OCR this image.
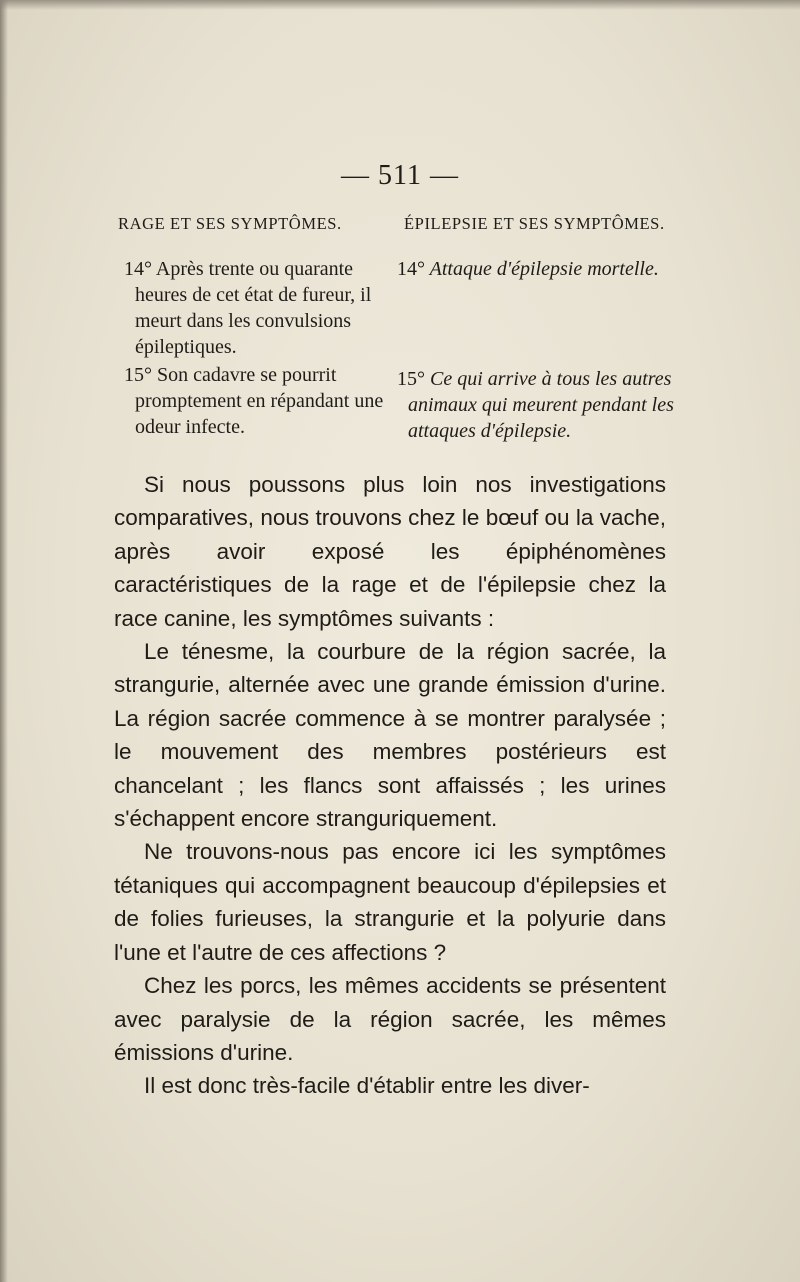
— 511 —
RAGE ET SES SYMPTÔMES.	ÉPILEPSIE ET SES SYMPTÔMES.

14° Après trente ou quarante heures de cet état de fureur, il meurt dans les convulsions épileptiques.

15° Son cadavre se pourrit promptement en répandant une odeur infecte.

14° Attaque d'épilepsie mortelle.

15° Ce qui arrive à tous les autres animaux qui meurent pendant les attaques d'épilepsie.

Si nous poussons plus loin nos investigations comparatives, nous trouvons chez le bœuf ou la vache, après avoir exposé les épiphénomènes caractéristiques de la rage et de l'épilepsie chez la race canine, les symptômes suivants :

Le ténesme, la courbure de la région sacrée, la strangurie, alternée avec une grande émission d'urine. La région sacrée commence à se montrer paralysée ; le mouvement des membres postérieurs est chancelant ; les flancs sont affaissés ; les urines s'échappent encore stranguriquement.

Ne trouvons-nous pas encore ici les symptômes tétaniques qui accompagnent beaucoup d'épilepsies et de folies furieuses, la strangurie et la polyurie dans l'une et l'autre de ces affections ?

Chez les porcs, les mêmes accidents se présentent avec paralysie de la région sacrée, les mêmes émissions d'urine.

Il est donc très-facile d'établir entre les diver-
